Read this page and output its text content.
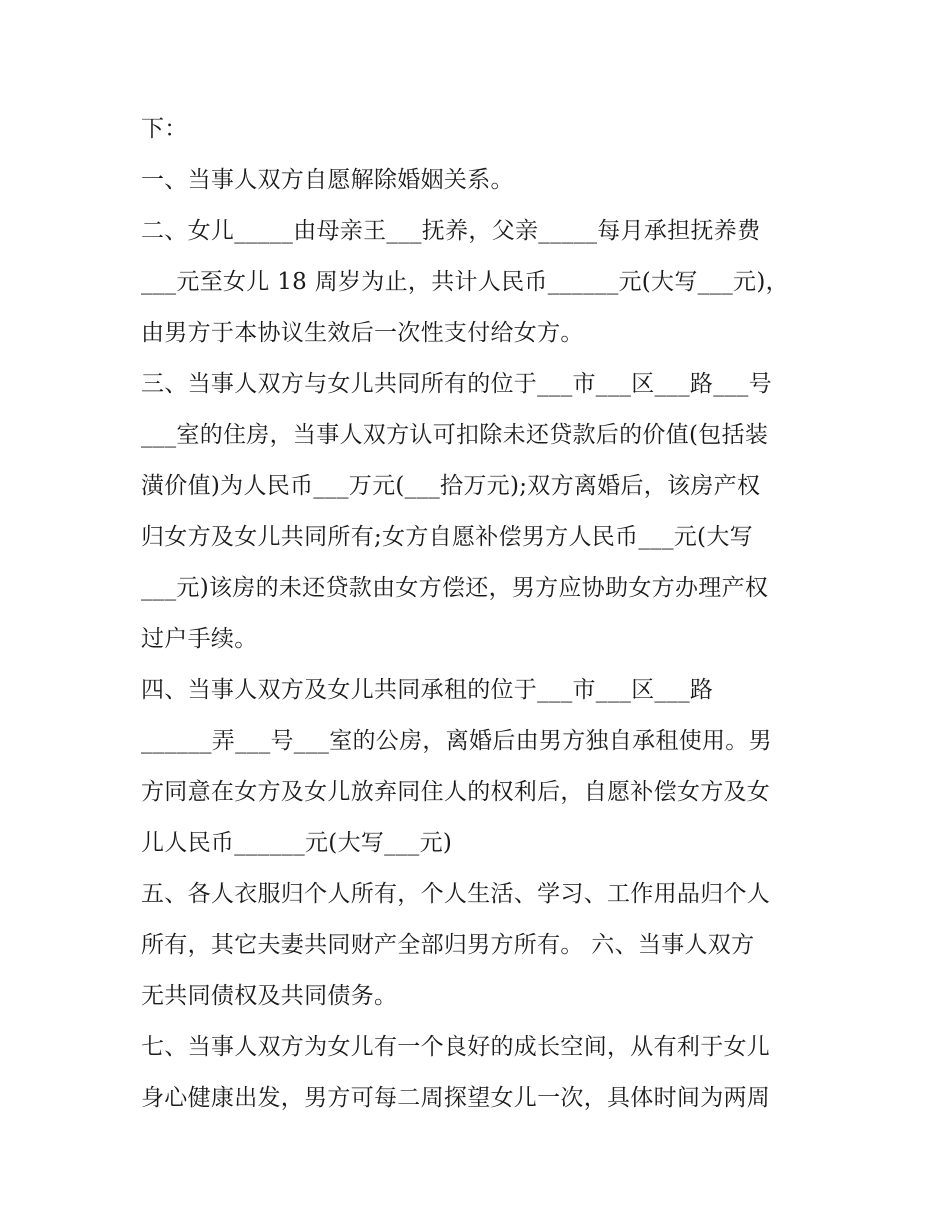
下：
一、当事人双方自愿解除婚姻关系。
二、女儿_____由母亲王___抚养，父亲_____每月承担抚养费
___元至女儿 18 周岁为止，共计人民币______元(大写___元)，
由男方于本协议生效后一次性支付给女方。
三、当事人双方与女儿共同所有的位于___市___区___路___号
___室的住房，当事人双方认可扣除未还贷款后的价值(包括装
潢价值)为人民币___万元(___拾万元);双方离婚后，该房产权
归女方及女儿共同所有;女方自愿补偿男方人民币___元(大写
___元)该房的未还贷款由女方偿还，男方应协助女方办理产权
过户手续。
四、当事人双方及女儿共同承租的位于___市___区___路
______弄___号___室的公房，离婚后由男方独自承租使用。男
方同意在女方及女儿放弃同住人的权利后，自愿补偿女方及女
儿人民币______元(大写___元)
五、各人衣服归个人所有，个人生活、学习、工作用品归个人
所有，其它夫妻共同财产全部归男方所有。 六、当事人双方
无共同债权及共同债务。
七、当事人双方为女儿有一个良好的成长空间，从有利于女儿
身心健康出发，男方可每二周探望女儿一次，具体时间为两周
